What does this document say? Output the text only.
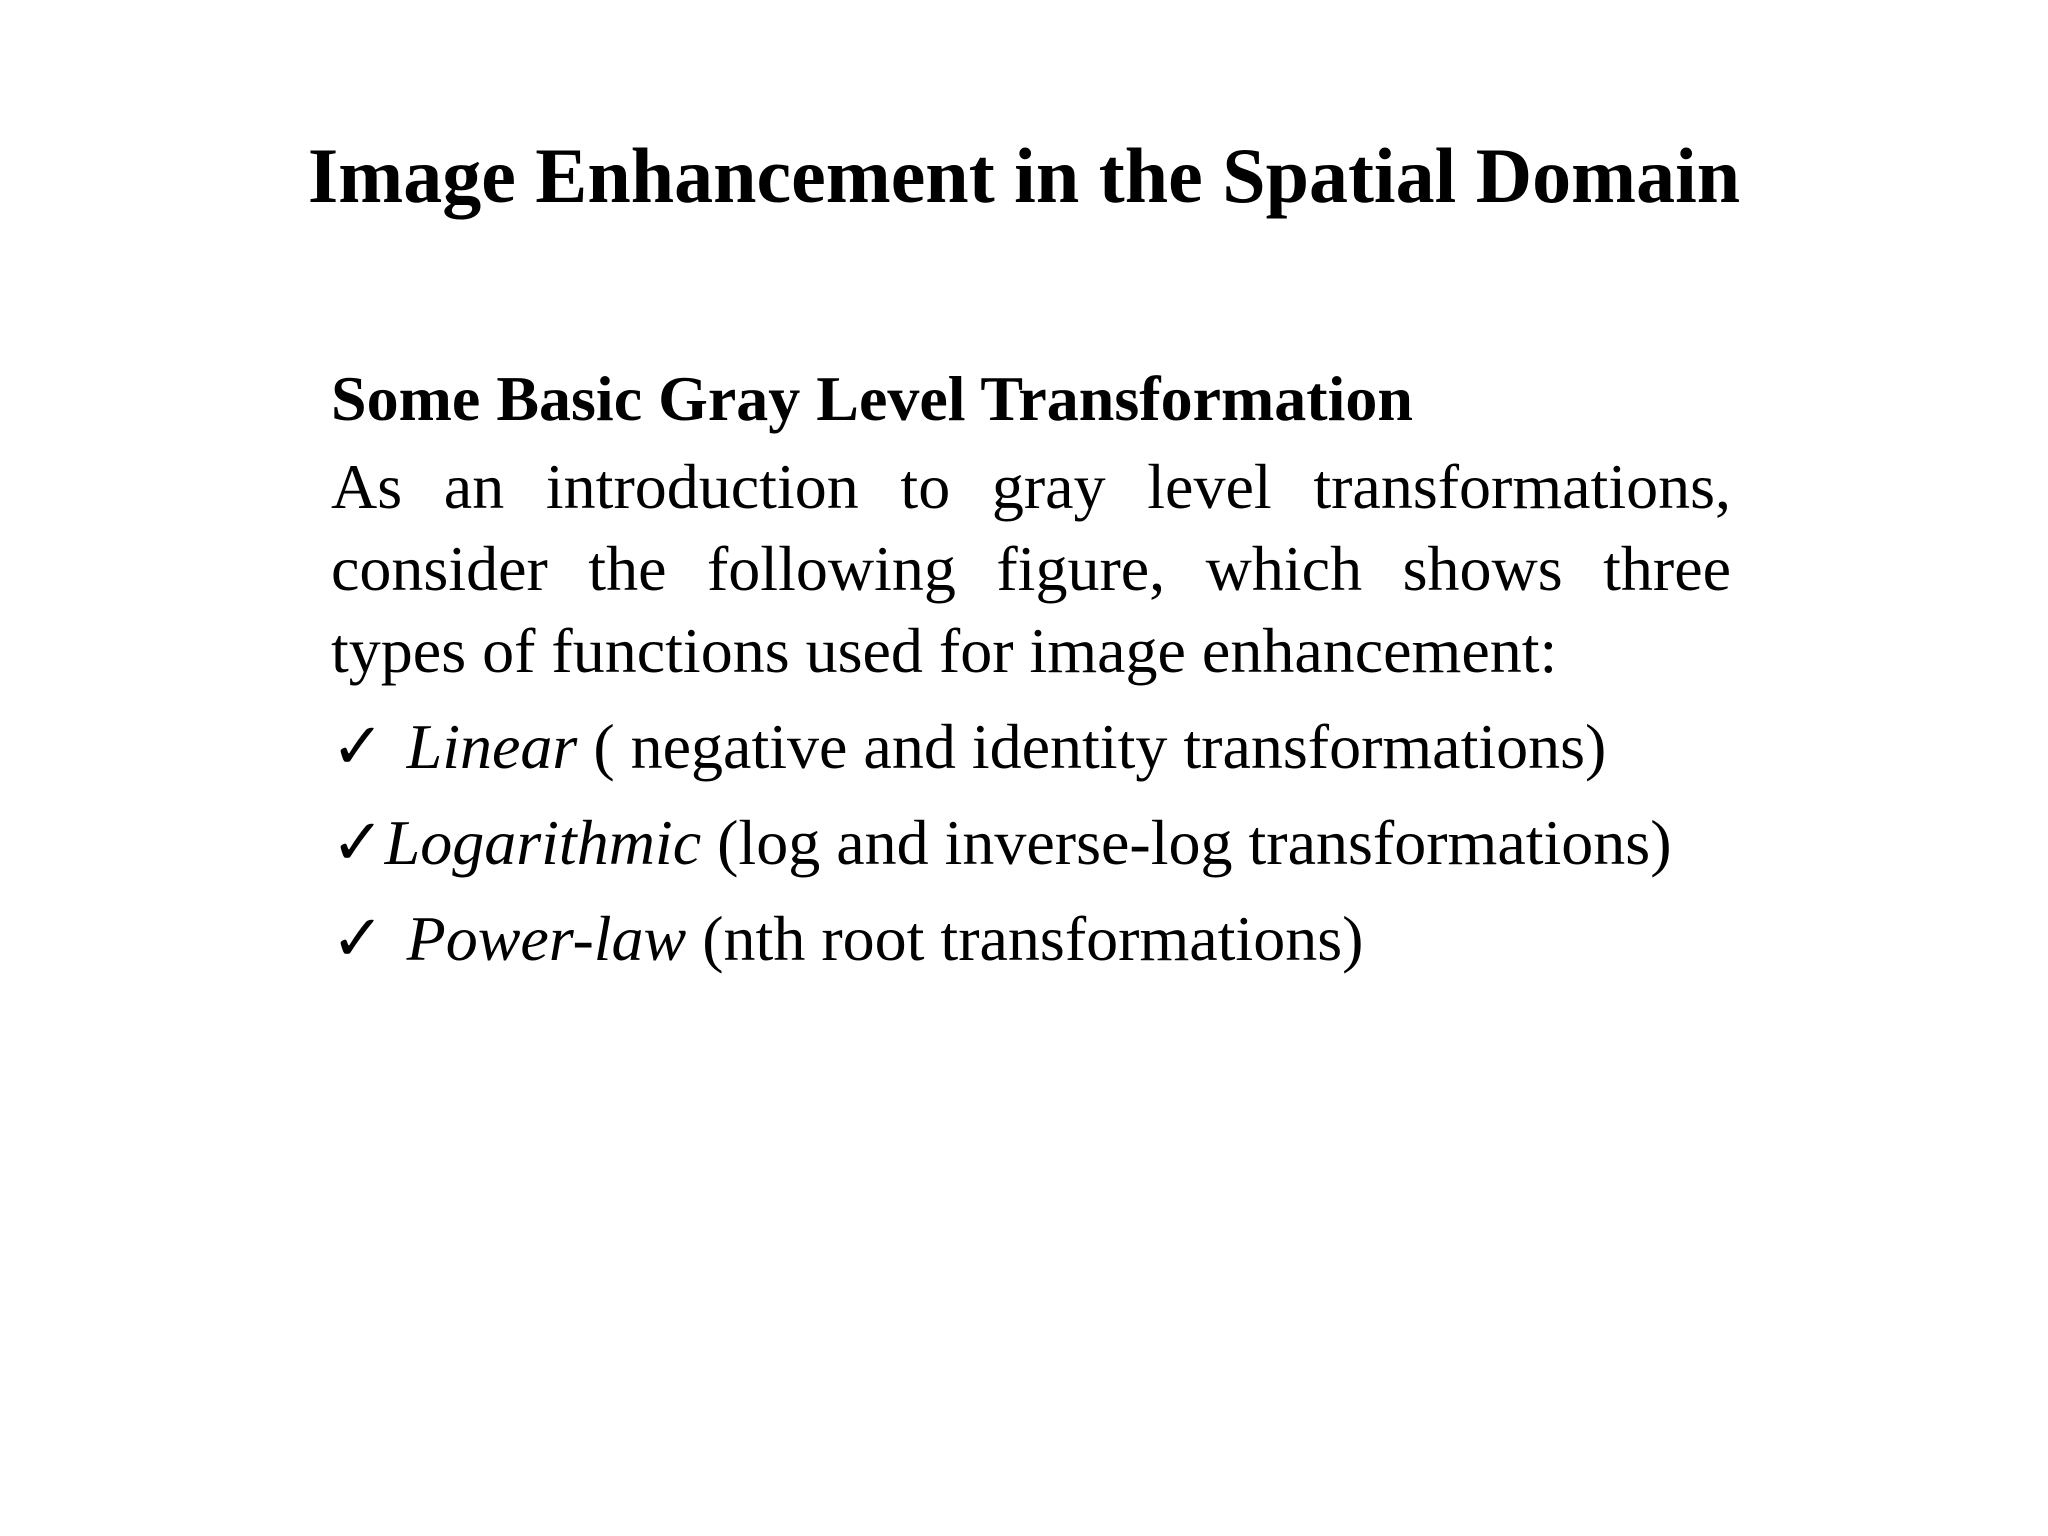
Image Enhancement in the Spatial Domain
Some Basic Gray Level Transformation
As an introduction to gray level transformations, consider the following figure, which shows three types of functions used for image enhancement:
✓ Linear ( negative and identity transformations)
✓Logarithmic (log and inverse-log transformations)
✓ Power-law (nth root transformations)
